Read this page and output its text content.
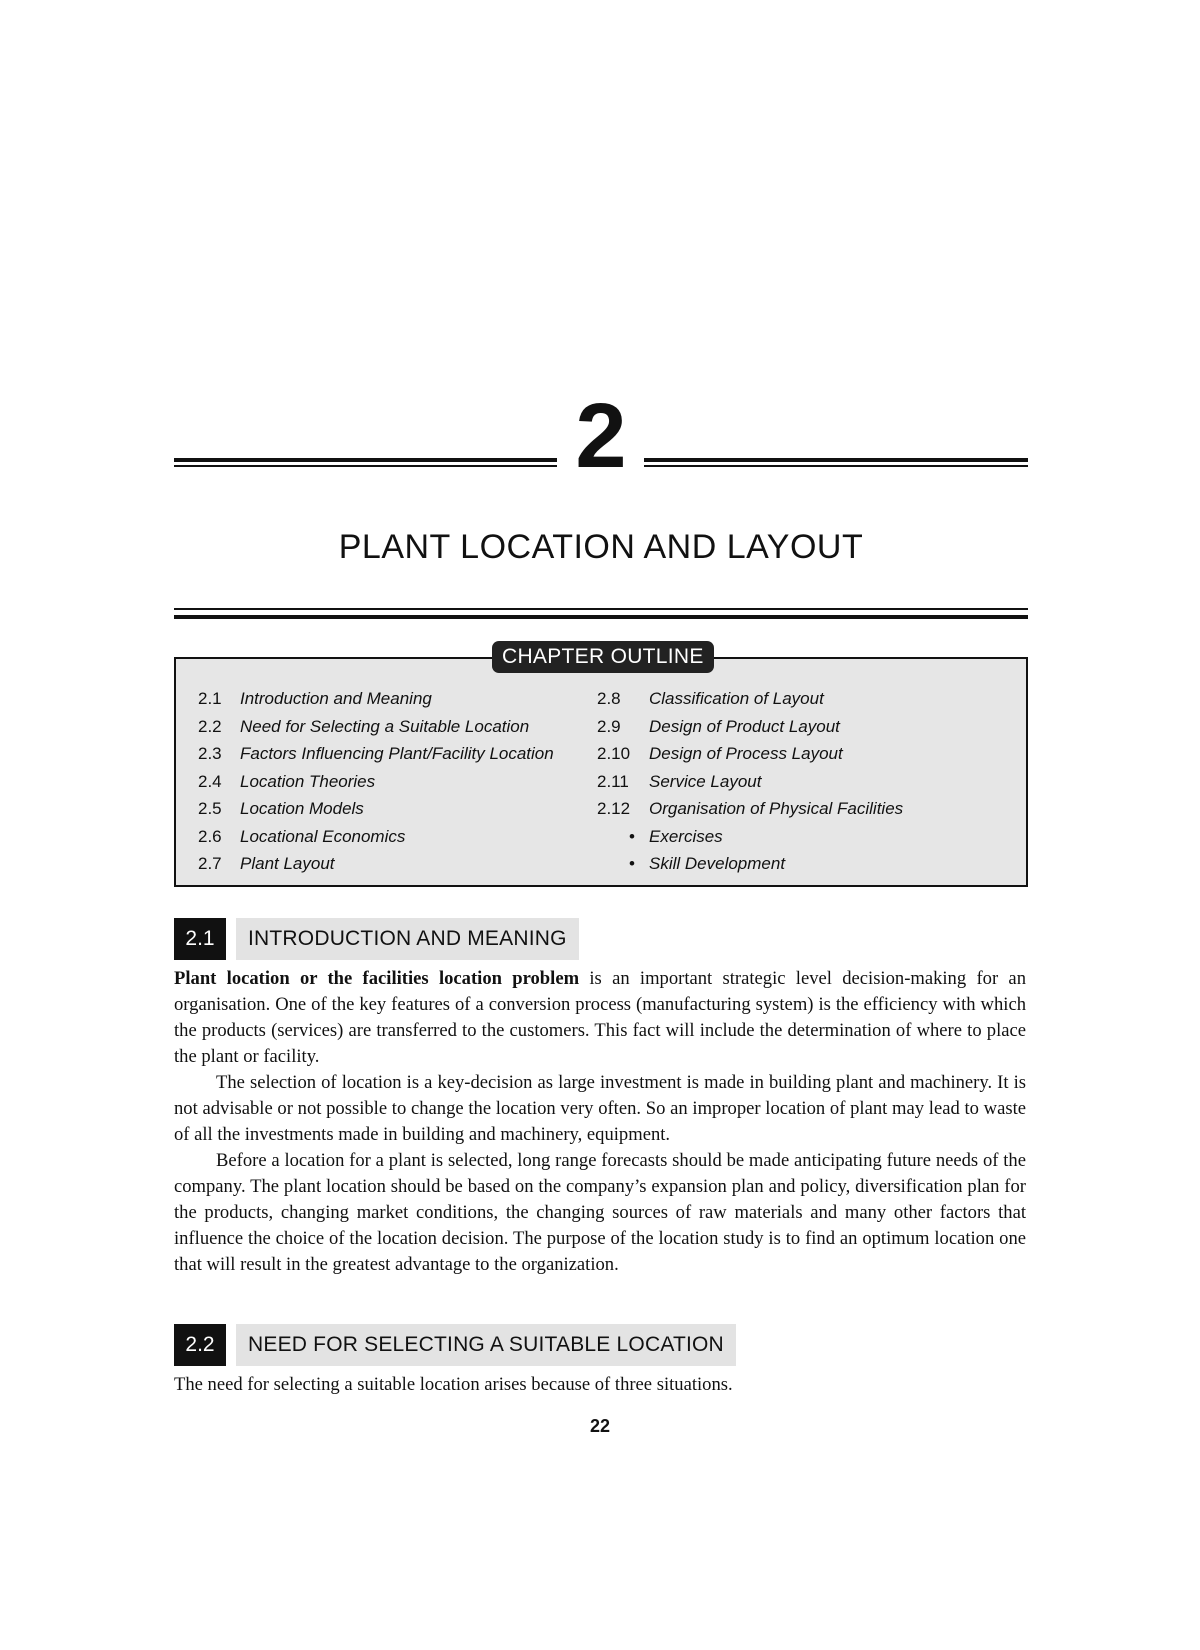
2
PLANT LOCATION AND LAYOUT
CHAPTER OUTLINE
2.1 Introduction and Meaning
2.2 Need for Selecting a Suitable Location
2.3 Factors Influencing Plant/Facility Location
2.4 Location Theories
2.5 Location Models
2.6 Locational Economics
2.7 Plant Layout
2.8 Classification of Layout
2.9 Design of Product Layout
2.10 Design of Process Layout
2.11 Service Layout
2.12 Organisation of Physical Facilities
• Exercises
• Skill Development
2.1	INTRODUCTION AND MEANING

Plant location or the facilities location problem is an important strategic level decision-making for an organisation. One of the key features of a conversion process (manufacturing system) is the efficiency with which the products (services) are transferred to the customers. This fact will include the determination of where to place the plant or facility.

The selection of location is a key-decision as large investment is made in building plant and machinery. It is not advisable or not possible to change the location very often. So an improper location of plant may lead to waste of all the investments made in building and machinery, equipment.

Before a location for a plant is selected, long range forecasts should be made anticipating future needs of the company. The plant location should be based on the company’s expansion plan and policy, diversification plan for the products, changing market conditions, the changing sources of raw materials and many other factors that influence the choice of the location decision. The purpose of the location study is to find an optimum location one that will result in the greatest advantage to the organization.

2.2	NEED FOR SELECTING A SUITABLE LOCATION

The need for selecting a suitable location arises because of three situations.

22
